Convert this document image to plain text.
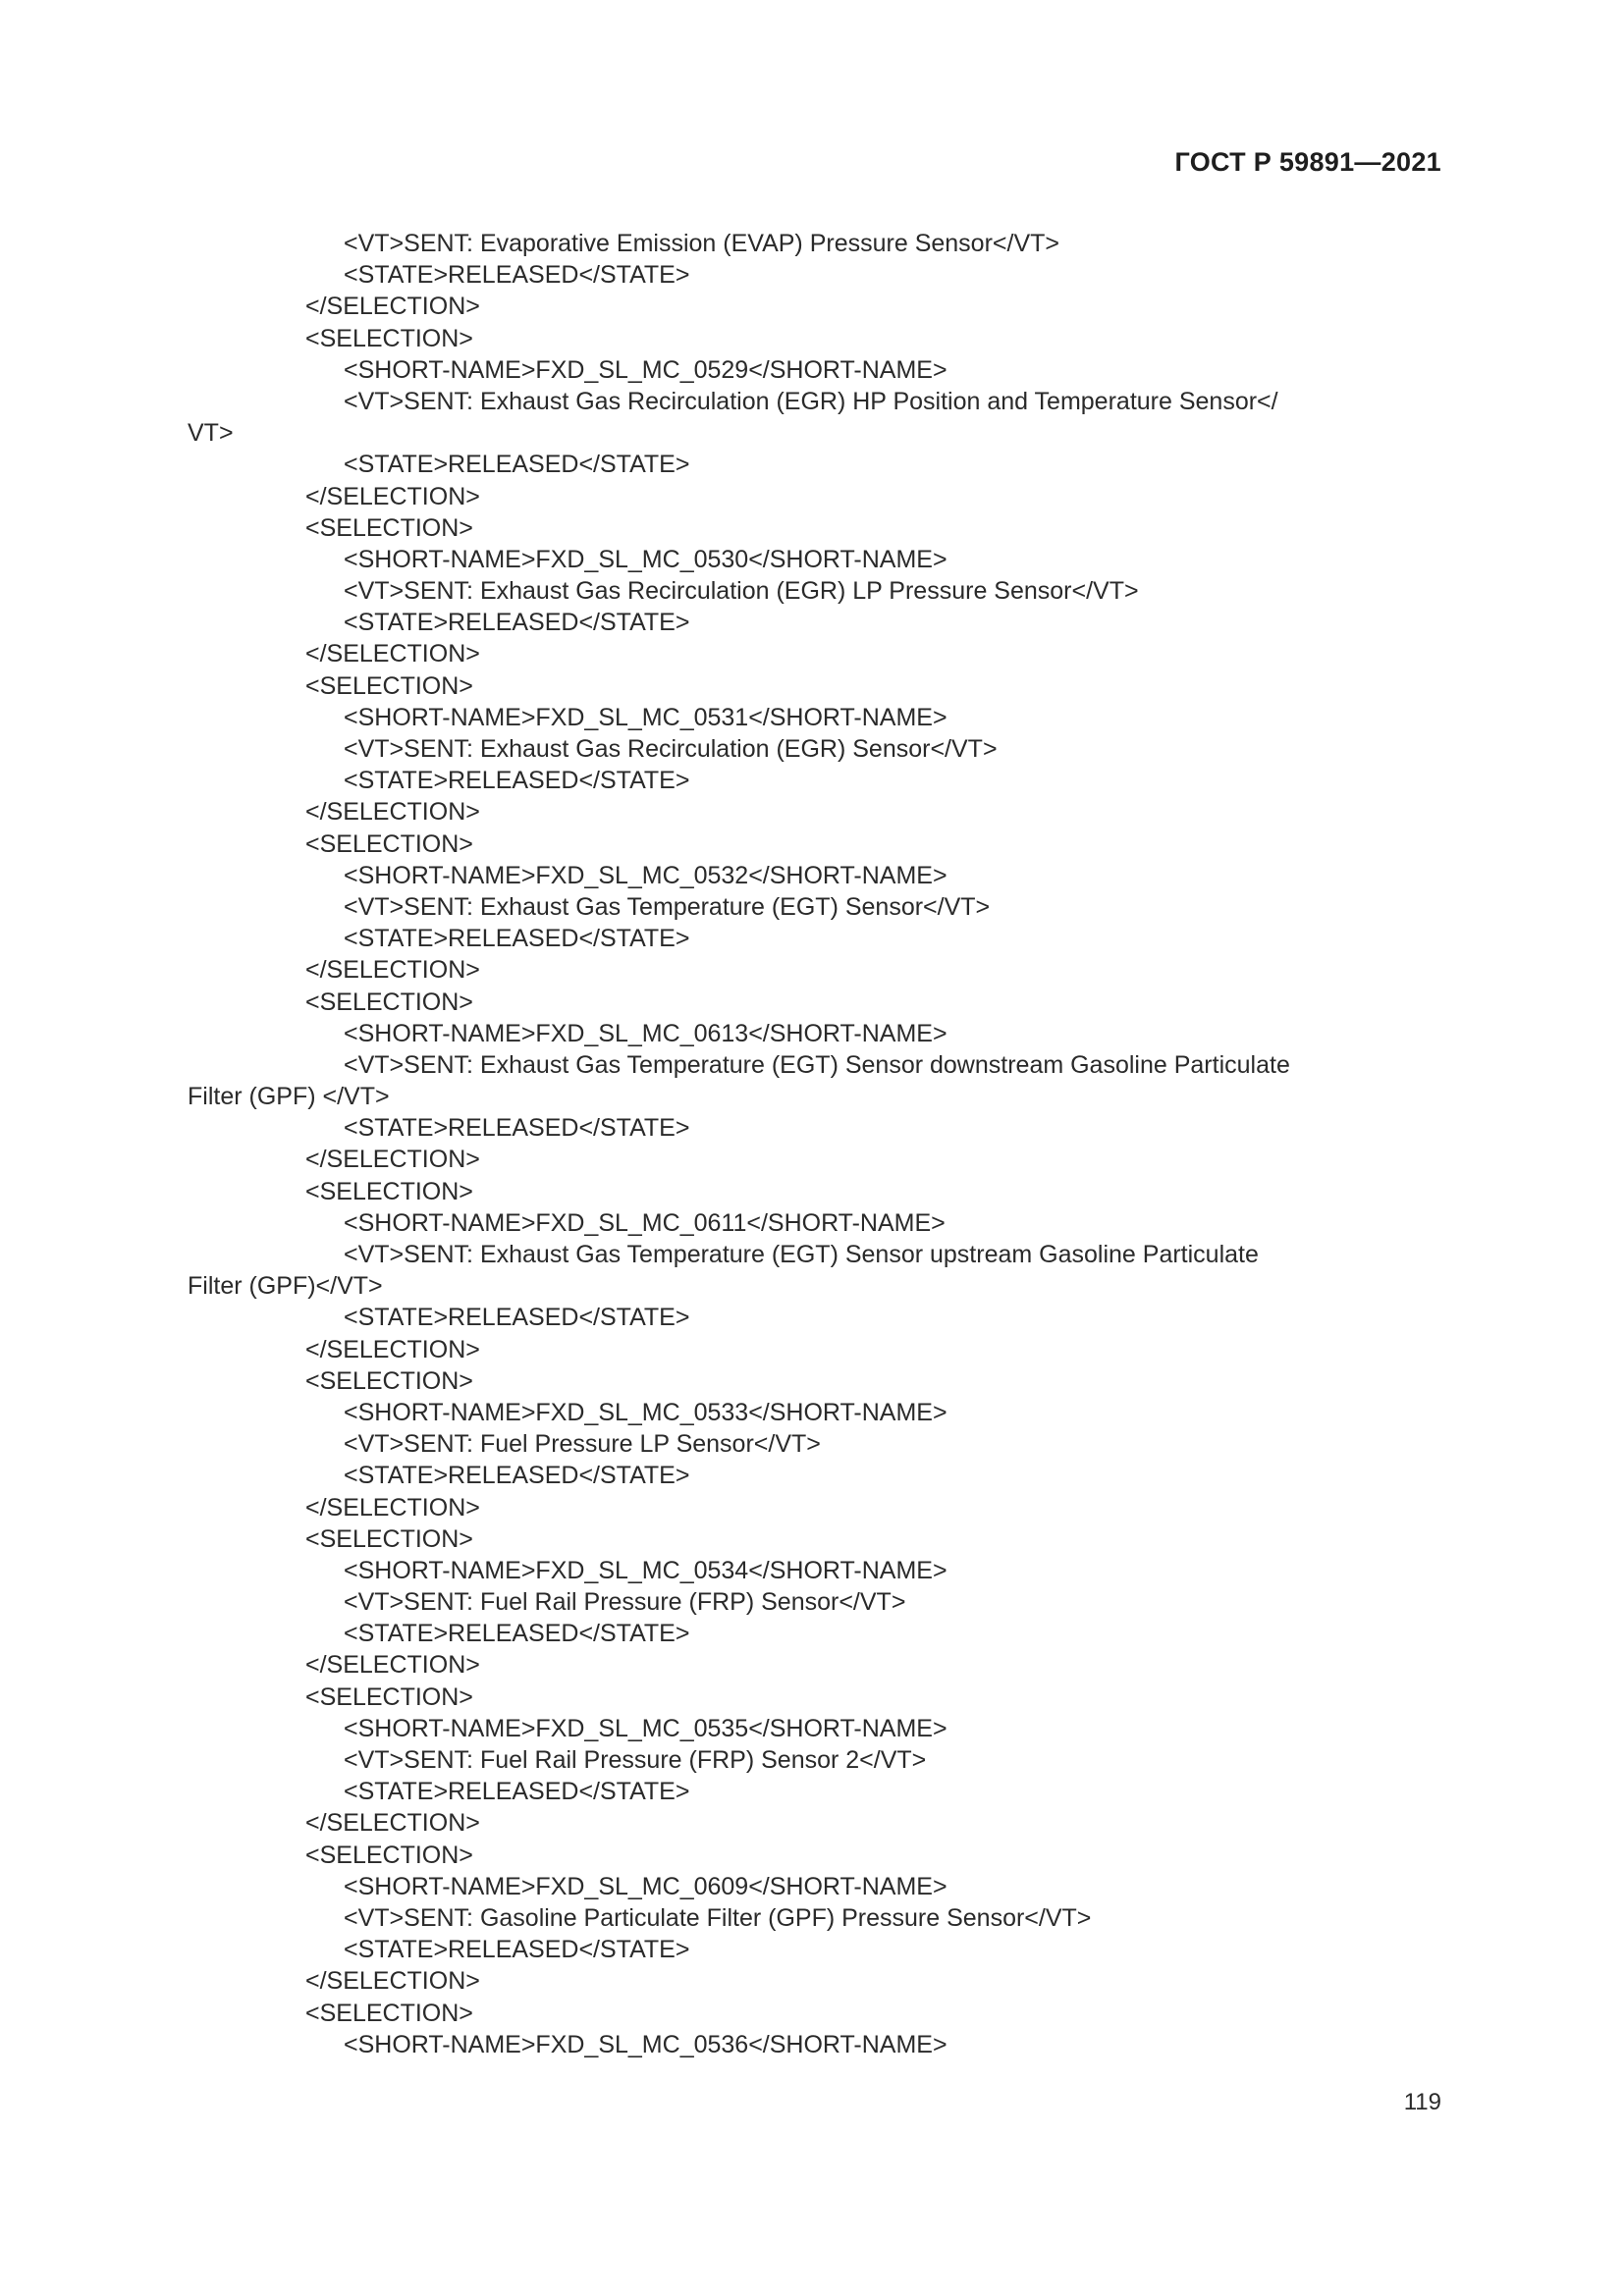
ГОСТ Р 59891—2021
<VT>SENT: Evaporative Emission (EVAP) Pressure Sensor</VT>
<STATE>RELEASED</STATE>
</SELECTION>
<SELECTION>
<SHORT-NAME>FXD_SL_MC_0529</SHORT-NAME>
<VT>SENT: Exhaust Gas Recirculation (EGR) HP Position and Temperature Sensor</
VT>
<STATE>RELEASED</STATE>
</SELECTION>
<SELECTION>
<SHORT-NAME>FXD_SL_MC_0530</SHORT-NAME>
<VT>SENT: Exhaust Gas Recirculation (EGR) LP Pressure Sensor</VT>
<STATE>RELEASED</STATE>
</SELECTION>
<SELECTION>
<SHORT-NAME>FXD_SL_MC_0531</SHORT-NAME>
<VT>SENT: Exhaust Gas Recirculation (EGR) Sensor</VT>
<STATE>RELEASED</STATE>
</SELECTION>
<SELECTION>
<SHORT-NAME>FXD_SL_MC_0532</SHORT-NAME>
<VT>SENT: Exhaust Gas Temperature (EGT) Sensor</VT>
<STATE>RELEASED</STATE>
</SELECTION>
<SELECTION>
<SHORT-NAME>FXD_SL_MC_0613</SHORT-NAME>
<VT>SENT: Exhaust Gas Temperature (EGT) Sensor downstream Gasoline Particulate
Filter (GPF) </VT>
<STATE>RELEASED</STATE>
</SELECTION>
<SELECTION>
<SHORT-NAME>FXD_SL_MC_0611</SHORT-NAME>
<VT>SENT: Exhaust Gas Temperature (EGT) Sensor upstream Gasoline Particulate
Filter (GPF)</VT>
<STATE>RELEASED</STATE>
</SELECTION>
<SELECTION>
<SHORT-NAME>FXD_SL_MC_0533</SHORT-NAME>
<VT>SENT: Fuel Pressure LP Sensor</VT>
<STATE>RELEASED</STATE>
</SELECTION>
<SELECTION>
<SHORT-NAME>FXD_SL_MC_0534</SHORT-NAME>
<VT>SENT: Fuel Rail Pressure (FRP) Sensor</VT>
<STATE>RELEASED</STATE>
</SELECTION>
<SELECTION>
<SHORT-NAME>FXD_SL_MC_0535</SHORT-NAME>
<VT>SENT: Fuel Rail Pressure (FRP) Sensor 2</VT>
<STATE>RELEASED</STATE>
</SELECTION>
<SELECTION>
<SHORT-NAME>FXD_SL_MC_0609</SHORT-NAME>
<VT>SENT: Gasoline Particulate Filter (GPF) Pressure Sensor</VT>
<STATE>RELEASED</STATE>
</SELECTION>
<SELECTION>
<SHORT-NAME>FXD_SL_MC_0536</SHORT-NAME>
119
